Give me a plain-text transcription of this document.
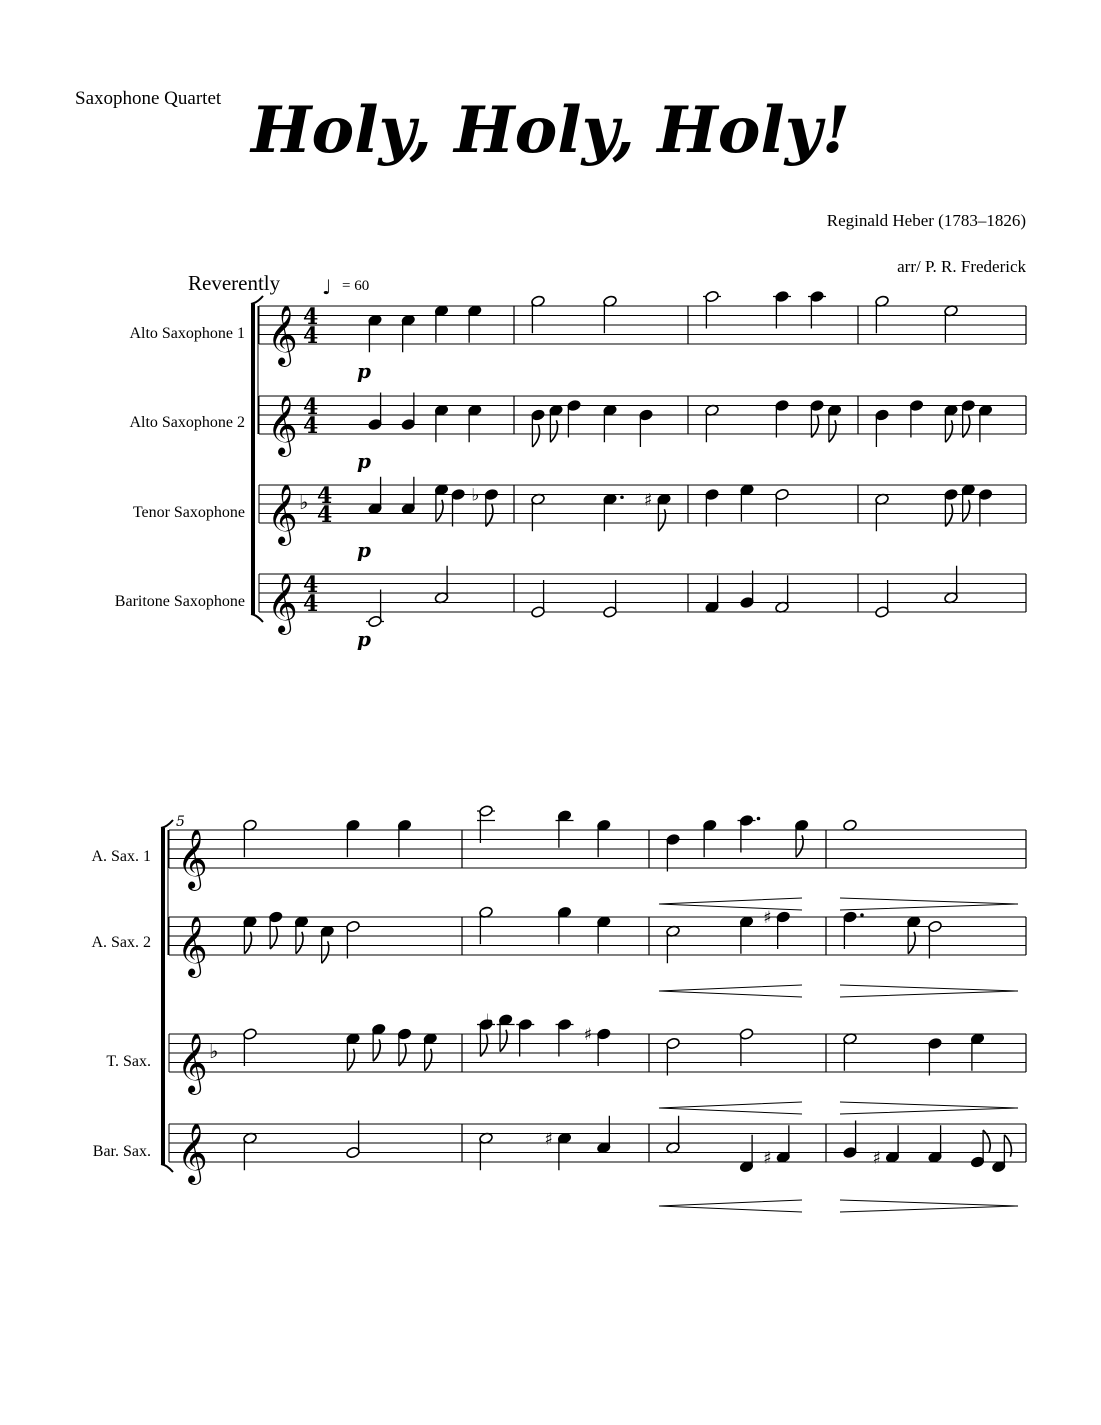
Saxophone Quartet Holy, Holy, Holy!
Reginald Heber (1783–1826)
arr/ P. R. Frederick
Reverently	= 60
Alto Saxophone 1
Alto Saxophone 2
Tenor Saxophone
Baritone Saxophone
A. Sax. 1
A. Sax. 2
T. Sax.
Bar. Sax.
𝄞 4
4
𝄞 4
4
𝄞 ♭ 4
4
𝄞 4
4
𝄞
𝄞
𝄞 ♭
𝄞
♭	♯
♯
♭
♯
♯
♯	♯
p
p
p
p
♩
5
